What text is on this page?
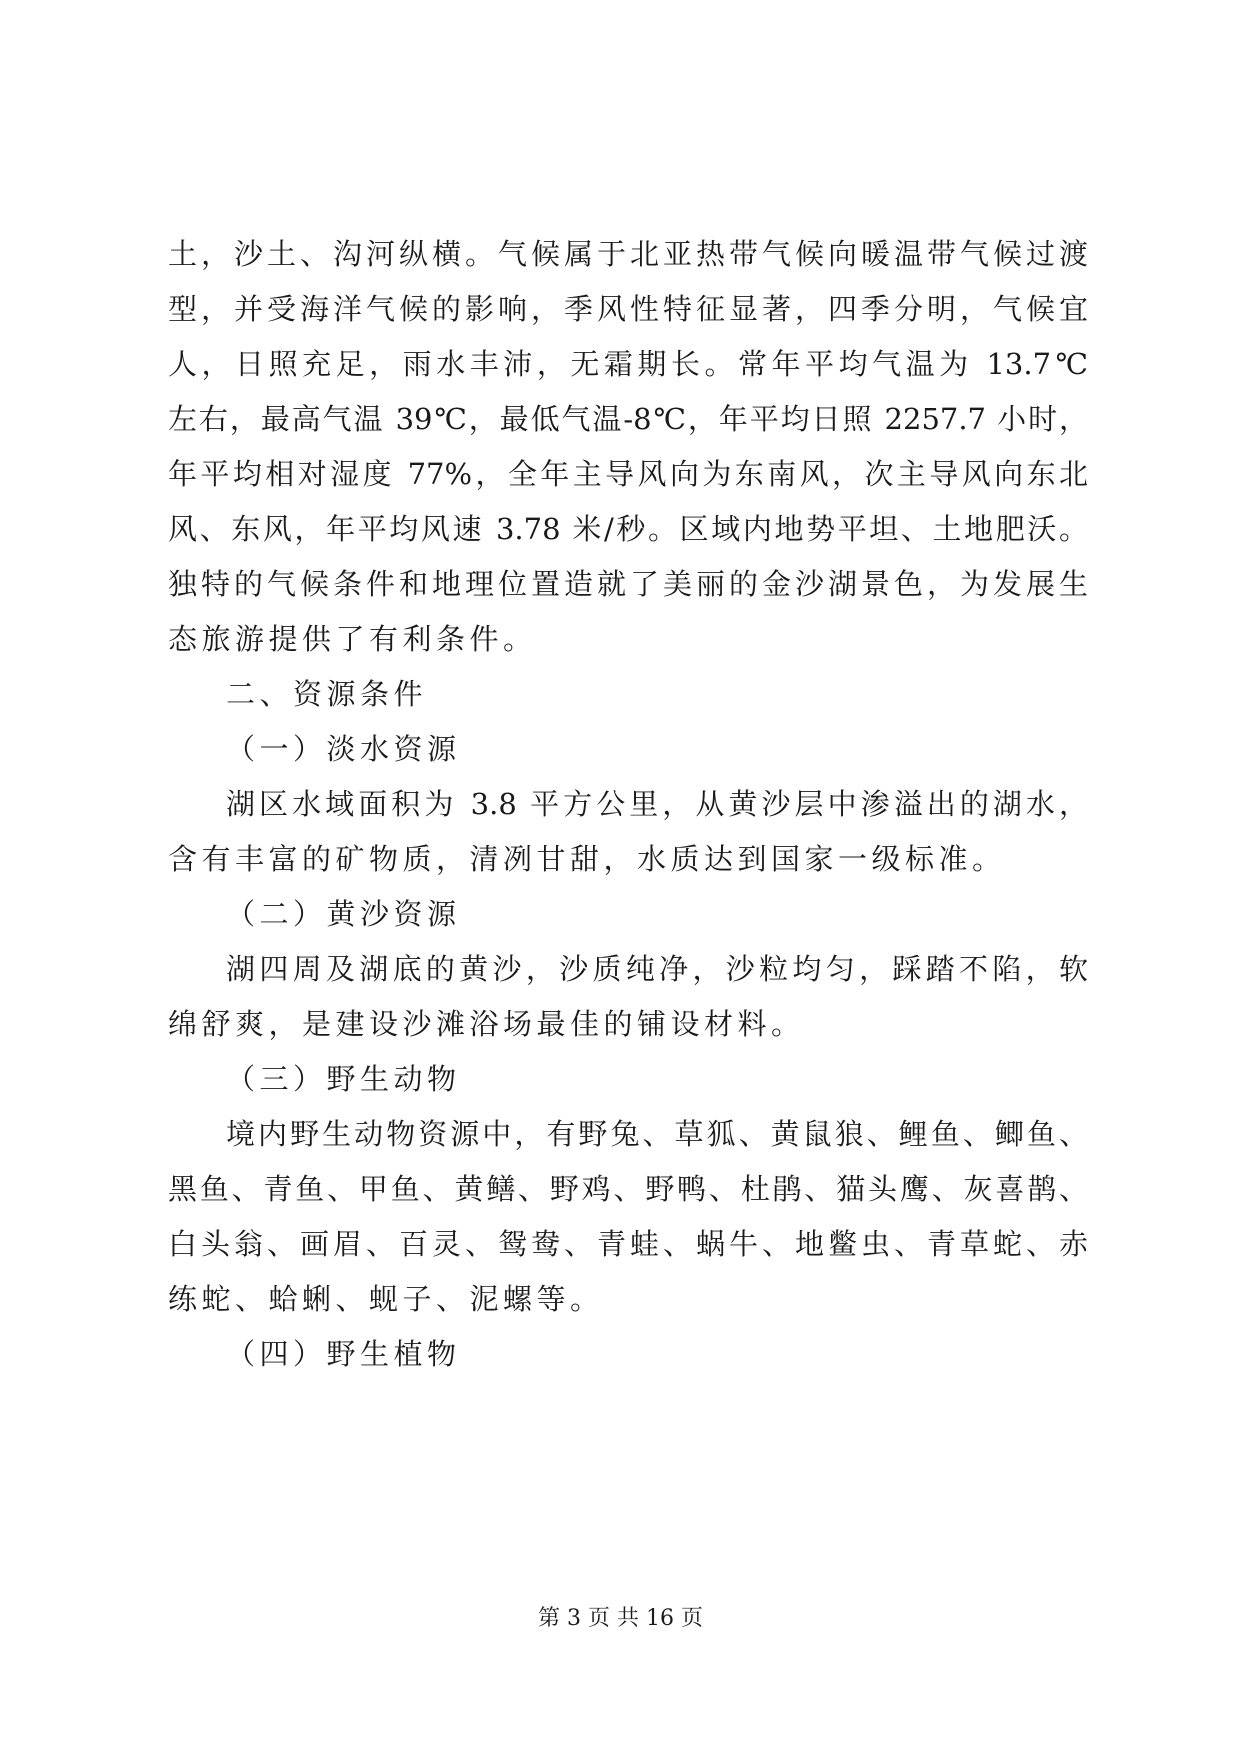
土，沙土、沟河纵横。气候属于北亚热带气候向暖温带气候过渡
型，并受海洋气候的影响，季风性特征显著，四季分明，气候宜
人，日照充足，雨水丰沛，无霜期长。常年平均气温为 13.7℃
左右，最高气温 39℃，最低气温-8℃，年平均日照 2257.7 小时，
年平均相对湿度 77%，全年主导风向为东南风，次主导风向东北
风、东风，年平均风速 3.78 米/秒。区域内地势平坦、土地肥沃。
独特的气候条件和地理位置造就了美丽的金沙湖景色，为发展生
态旅游提供了有利条件。
二、资源条件
（一）淡水资源
湖区水域面积为 3.8 平方公里，从黄沙层中渗溢出的湖水，
含有丰富的矿物质，清冽甘甜，水质达到国家一级标准。
（二）黄沙资源
湖四周及湖底的黄沙，沙质纯净，沙粒均匀，踩踏不陷，软
绵舒爽，是建设沙滩浴场最佳的铺设材料。
（三）野生动物
境内野生动物资源中，有野兔、草狐、黄鼠狼、鲤鱼、鲫鱼、
黑鱼、青鱼、甲鱼、黄鳝、野鸡、野鸭、杜鹃、猫头鹰、灰喜鹊、
白头翁、画眉、百灵、鸳鸯、青蛙、蜗牛、地鳖虫、青草蛇、赤
练蛇、蛤蜊、蚬子、泥螺等。
（四）野生植物
第 3 页 共 16 页
